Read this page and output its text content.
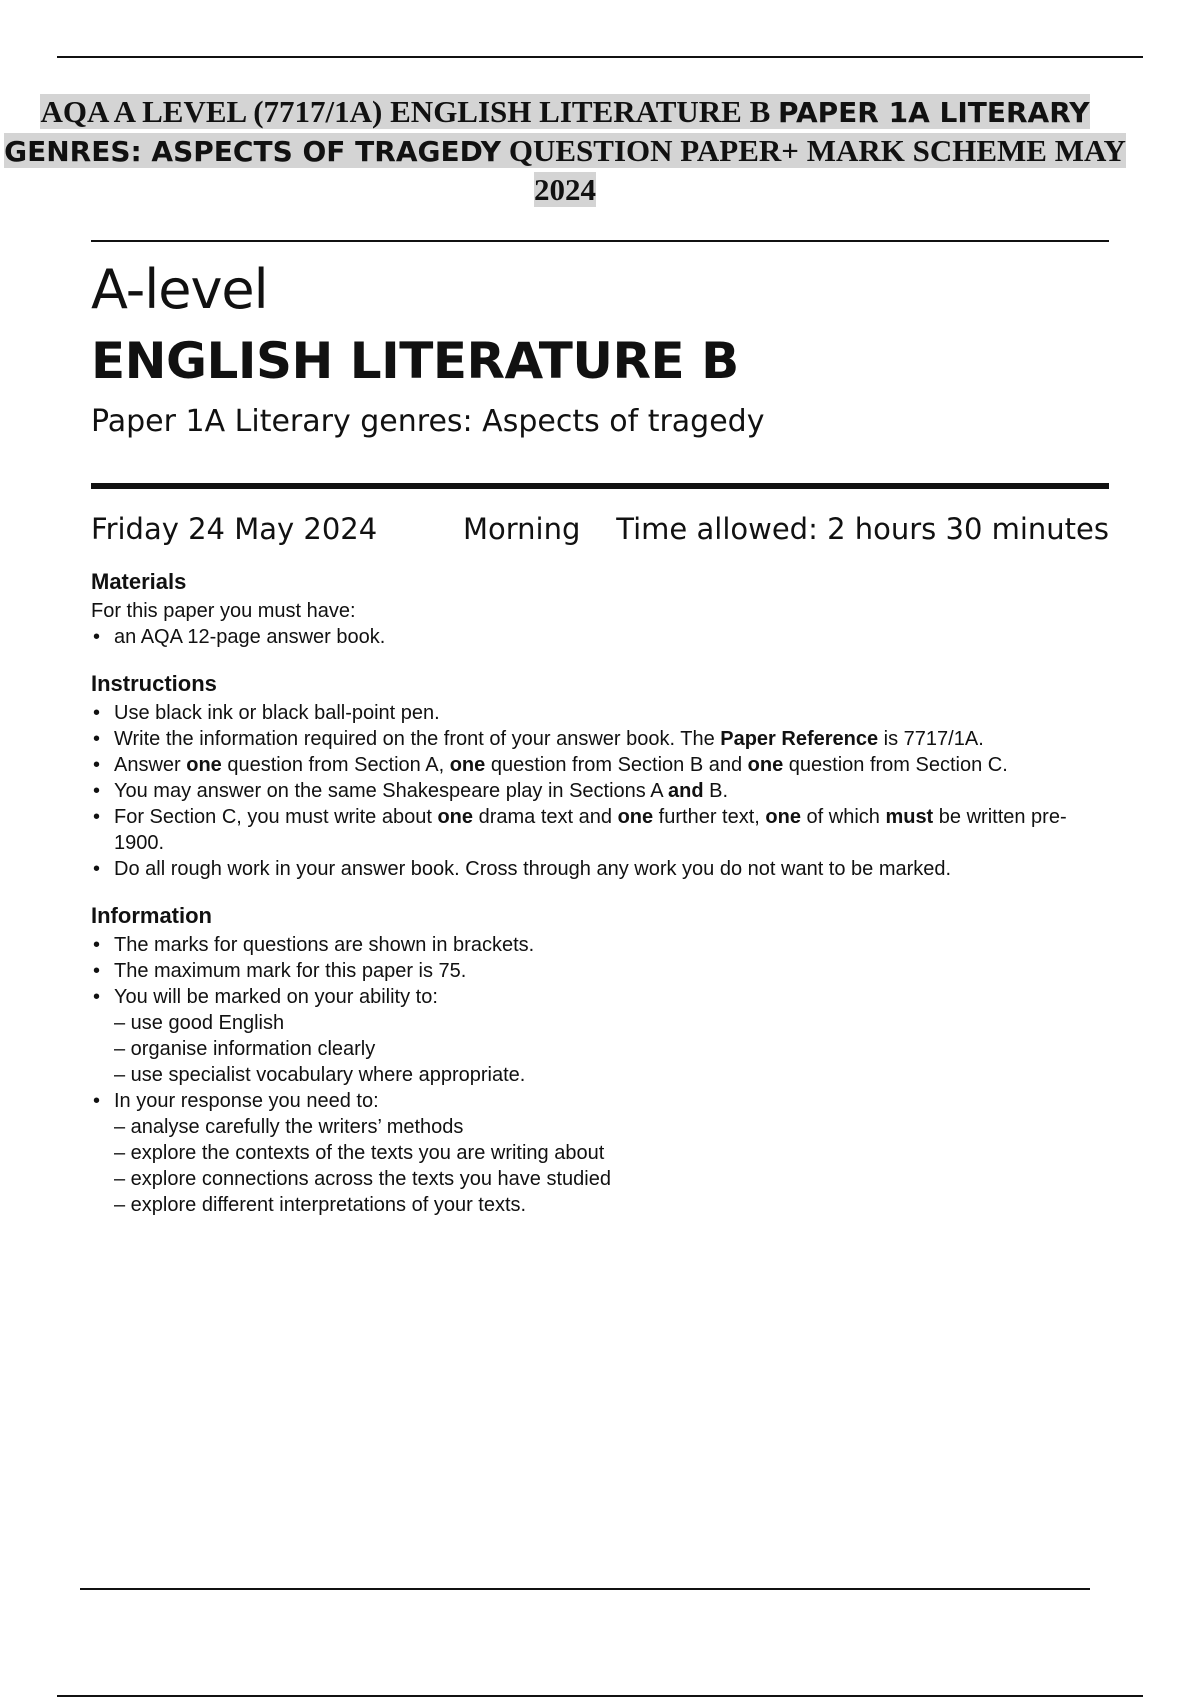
AQA A LEVEL (7717/1A) ENGLISH LITERATURE B PAPER 1A LITERARY GENRES: ASPECTS OF TRAGEDY QUESTION PAPER+ MARK SCHEME MAY 2024
A-level
ENGLISH LITERATURE B
Paper 1A Literary genres: Aspects of tragedy
Friday 24 May 2024	Morning Time allowed: 2 hours 30 minutes
Materials

For this paper you must have:

• an AQA 12-page answer book.
Instructions
• Use black ink or black ball-point pen.
• Write the information required on the front of your answer book. The Paper Reference is 7717/1A.
• Answer one question from Section A, one question from Section B and one question from Section C.
• You may answer on the same Shakespeare play in Sections A and B.
• For Section C, you must write about one drama text and one further text, one of which must be written pre-1900.
• Do all rough work in your answer book. Cross through any work you do not want to be marked.
Information
• The marks for questions are shown in brackets.
• The maximum mark for this paper is 75.
• You will be marked on your ability to:
– use good English
– organise information clearly
– use specialist vocabulary where appropriate.
• In your response you need to:
– analyse carefully the writers’ methods
– explore the contexts of the texts you are writing about
– explore connections across the texts you have studied
– explore different interpretations of your texts.
